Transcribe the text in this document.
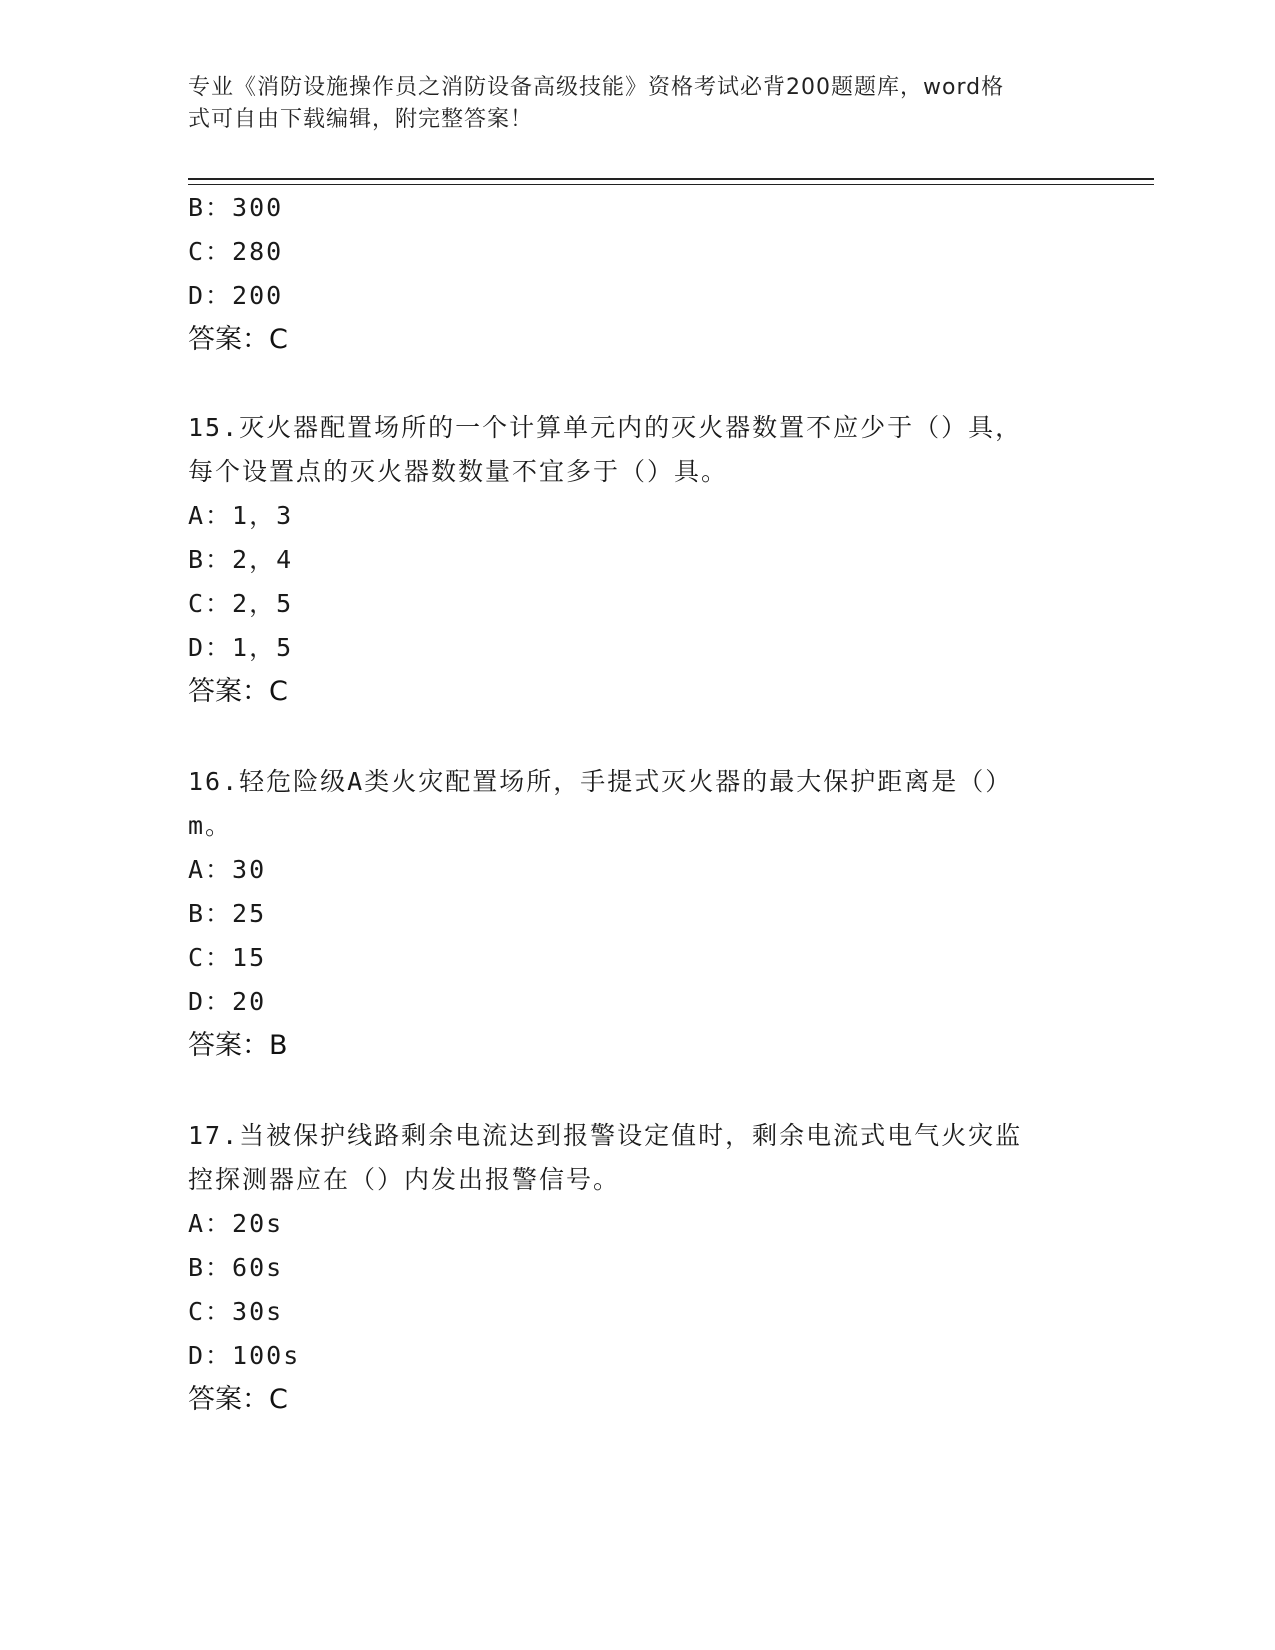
专业《消防设施操作员之消防设备高级技能》资格考试必背200题题库，word格
式可自由下载编辑，附完整答案！
B：300
C：280
D：200
答案：C
15.灭火器配置场所的一个计算单元内的灭火器数置不应少于（）具，
每个设置点的灭火器数数量不宜多于（）具。
A：1，3
B：2，4
C：2，5
D：1，5
答案：C
16.轻危险级A类火灾配置场所，手提式灭火器的最大保护距离是（）
m。
A：30
B：25
C：15
D：20
答案：B
17.当被保护线路剩余电流达到报警设定值时，剩余电流式电气火灾监
控探测器应在（）内发出报警信号。
A：20s
B：60s
C：30s
D：100s
答案：C
